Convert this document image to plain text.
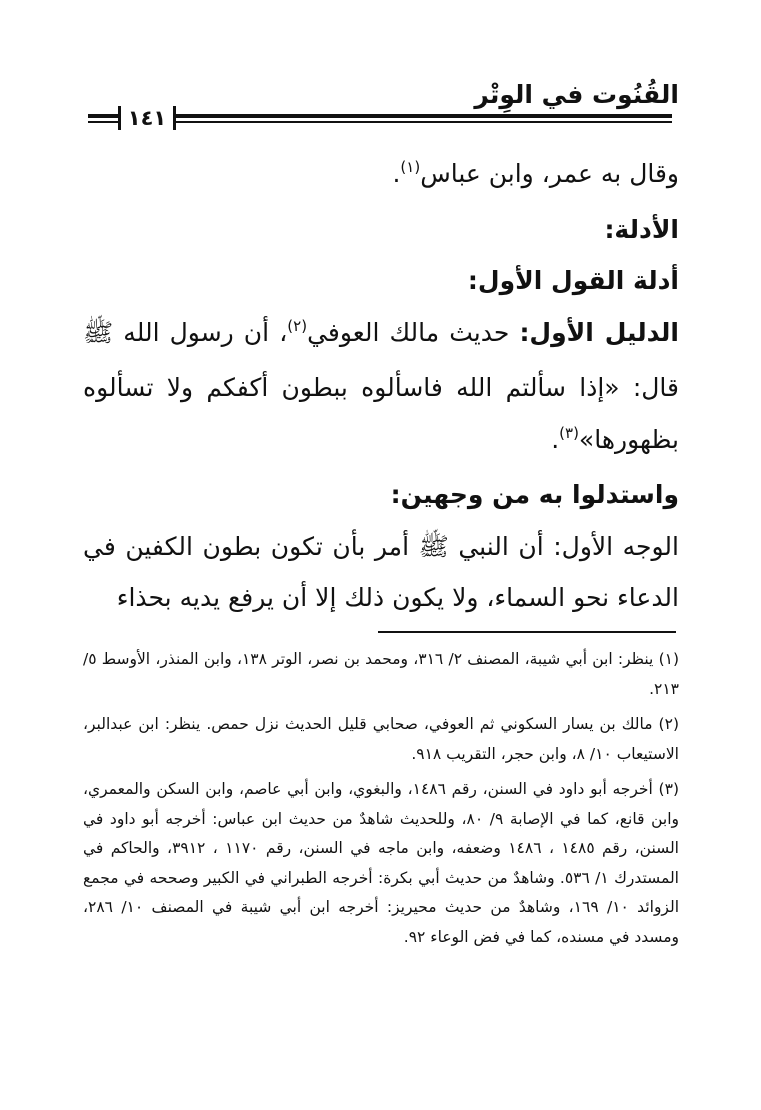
القُنُوت في الوِتْر
١٤١

وقال به عمر، وابن عباس$^{(١)}$.

الأدلة:

أدلة القول الأول:

الدليل الأول: حديث مالك العوفي$^{(٢)}$، أن رسول الله ﷺ قال: «إذا سألتم الله فاسألوه ببطون أكفكم ولا تسألوه بظهورها»$^{(٣)}$.

واستدلوا به من وجهين:

الوجه الأول: أن النبي ﷺ أمر بأن تكون بطون الكفين في الدعاء نحو السماء، ولا يكون ذلك إلا أن يرفع يديه بحذاء

(١) ينظر: ابن أبي شيبة، المصنف ٢/ ٣١٦، ومحمد بن نصر، الوتر ١٣٨، وابن المنذر، الأوسط ٥/ ٢١٣.

(٢) مالك بن يسار السكوني ثم العوفي، صحابي قليل الحديث نزل حمص. ينظر: ابن عبدالبر، الاستيعاب ١٠/ ٨، وابن حجر، التقريب ٩١٨.

(٣) أخرجه أبو داود في السنن، رقم ١٤٨٦، والبغوي، وابن أبي عاصم، وابن السكن والمعمري، وابن قانع، كما في الإصابة ٩/ ٨٠، وللحديث شاهدٌ من حديث ابن عباس: أخرجه أبو داود في السنن، رقم ١٤٨٥ ، ١٤٨٦ وضعفه، وابن ماجه في السنن، رقم ١١٧٠ ، ٣٩١٢، والحاكم في المستدرك ١/ ٥٣٦. وشاهدٌ من حديث أبي بكرة: أخرجه الطبراني في الكبير وصححه في مجمع الزوائد ١٠/ ١٦٩، وشاهدٌ من حديث محيريز: أخرجه ابن أبي شيبة في المصنف ١٠/ ٢٨٦، ومسدد في مسنده، كما في فض الوعاء ٩٢.
